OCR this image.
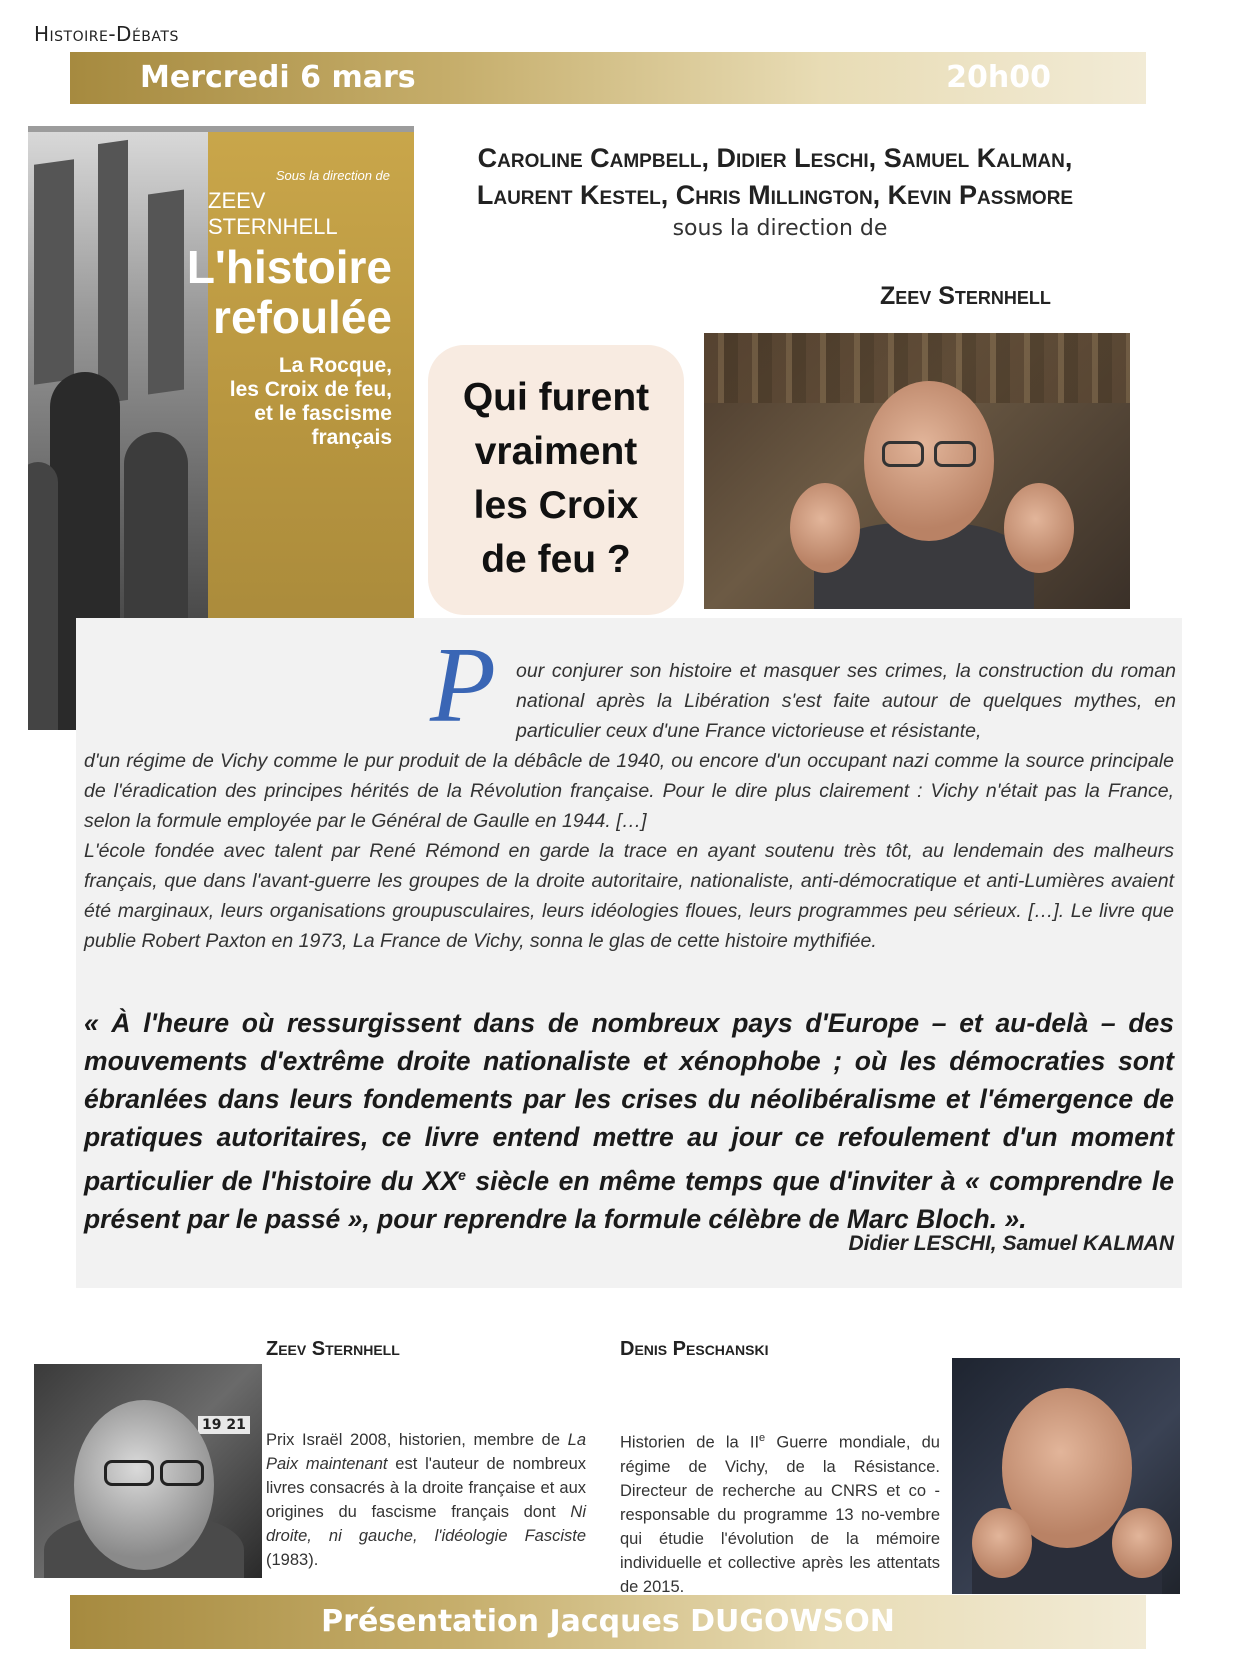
Histoire-Débats
Mercredi 6 mars	20h00
Sous la direction de
ZEEV STERNHELL
L'histoire
refoulée
La Rocque,
les Croix de feu,
et le fascisme
français
Caroline Campbell, Didier Leschi, Samuel Kalman,
Laurent Kestel, Chris Millington, Kevin Passmore
sous la direction de
Zeev Sternhell
Qui furent
vraiment
les Croix
de feu ?
P our conjurer son histoire et masquer ses crimes, la construction du roman national après la Libération s'est faite autour de quelques mythes, en particulier ceux d'une France victorieuse et résistante,
d'un régime de Vichy comme le pur produit de la débâcle de 1940, ou encore d'un occupant nazi comme la source principale de l'éradication des principes hérités de la Révolution française. Pour le dire plus clairement : Vichy n'était pas la France, selon la formule employée par le Général de Gaulle en 1944. […]
L'école fondée avec talent par René Rémond en garde la trace en ayant soutenu très tôt, au lendemain des malheurs français, que dans l'avant-guerre les groupes de la droite autoritaire, nationaliste, anti-démocratique et anti-Lumières avaient été marginaux, leurs organisations groupusculaires, leurs idéologies floues, leurs programmes peu sérieux. […]. Le livre que publie Robert Paxton en 1973, La France de Vichy, sonna le glas de cette histoire mythifiée.
« À l'heure où ressurgissent dans de nombreux pays d'Europe – et au-delà – des mouvements d'extrême droite nationaliste et xénophobe ; où les démocraties sont ébranlées dans leurs fondements par les crises du néolibéralisme et l'émergence de pratiques autoritaires, ce livre entend mettre au jour ce refoulement d'un moment particulier de l'histoire du XXe siècle en même temps que d'inviter à « comprendre le présent par le passé », pour reprendre la formule célèbre de Marc Bloch. ».
Didier LESCHI, Samuel KALMAN
19 21
Zeev Sternhell
Prix Israël 2008, historien, membre de La Paix maintenant est l'auteur de nombreux livres consacrés à la droite française et aux origines du fascisme français dont Ni droite, ni gauche, l'idéologie Fasciste (1983).
Denis Peschanski
Historien de la IIe Guerre mondiale, du régime de Vichy, de la Résistance. Directeur de recherche au CNRS et co -responsable du programme 13 no-vembre qui étudie l'évolution de la mémoire individuelle et collective après les attentats de 2015.
Présentation Jacques DUGOWSON
